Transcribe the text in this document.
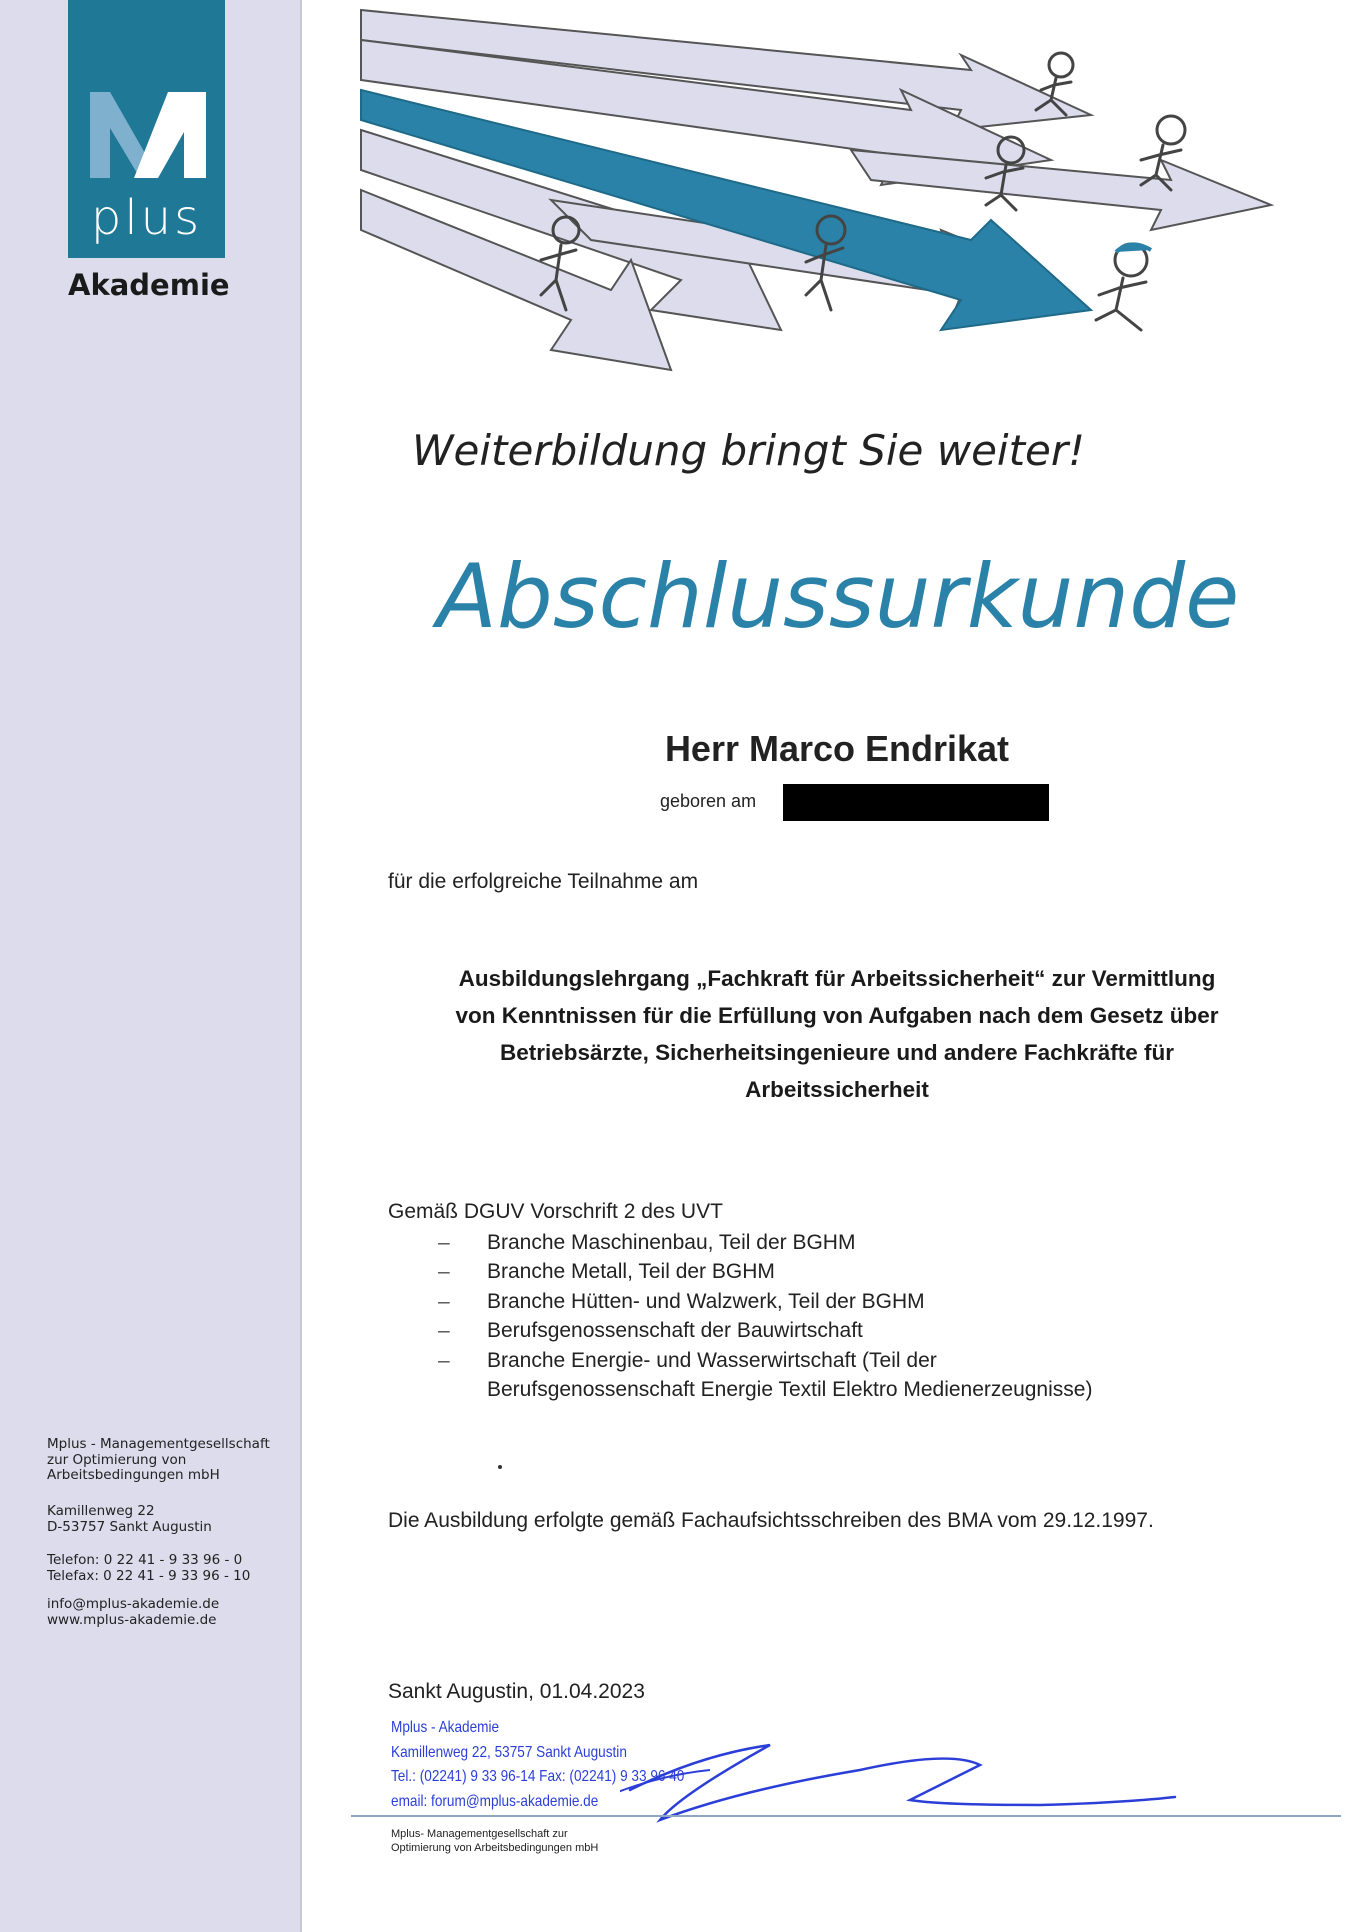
plus
Akademie
Mplus - Managementgesellschaft
zur Optimierung von
Arbeitsbedingungen mbH
Kamillenweg 22
D-53757 Sankt Augustin
Telefon: 0 22 41 - 9 33 96 - 0
Telefax: 0 22 41 - 9 33 96 - 10
info@mplus-akademie.de
www.mplus-akademie.de
Weiterbildung bringt Sie weiter!
Abschlussurkunde
Herr Marco Endrikat
geboren am
für die erfolgreiche Teilnahme am
Ausbildungslehrgang „Fachkraft für Arbeitssicherheit“ zur Vermittlung
von Kenntnissen für die Erfüllung von Aufgaben nach dem Gesetz über
Betriebsärzte, Sicherheitsingenieure und andere Fachkräfte für
Arbeitssicherheit
Gemäß DGUV Vorschrift 2 des UVT
– Branche Maschinenbau, Teil der BGHM
– Branche Metall, Teil der BGHM
– Branche Hütten- und Walzwerk, Teil der BGHM
– Berufsgenossenschaft der Bauwirtschaft
– Branche Energie- und Wasserwirtschaft (Teil der
Berufsgenossenschaft Energie Textil Elektro Medienerzeugnisse)
Die Ausbildung erfolgte gemäß Fachaufsichtsschreiben des BMA vom 29.12.1997.
Sankt Augustin, 01.04.2023
Mplus - Akademie
Kamillenweg 22, 53757 Sankt Augustin
Tel.: (02241) 9 33 96-14 Fax: (02241) 9 33 96 40
email: forum@mplus-akademie.de
Mplus- Managementgesellschaft zur
Optimierung von Arbeitsbedingungen mbH
